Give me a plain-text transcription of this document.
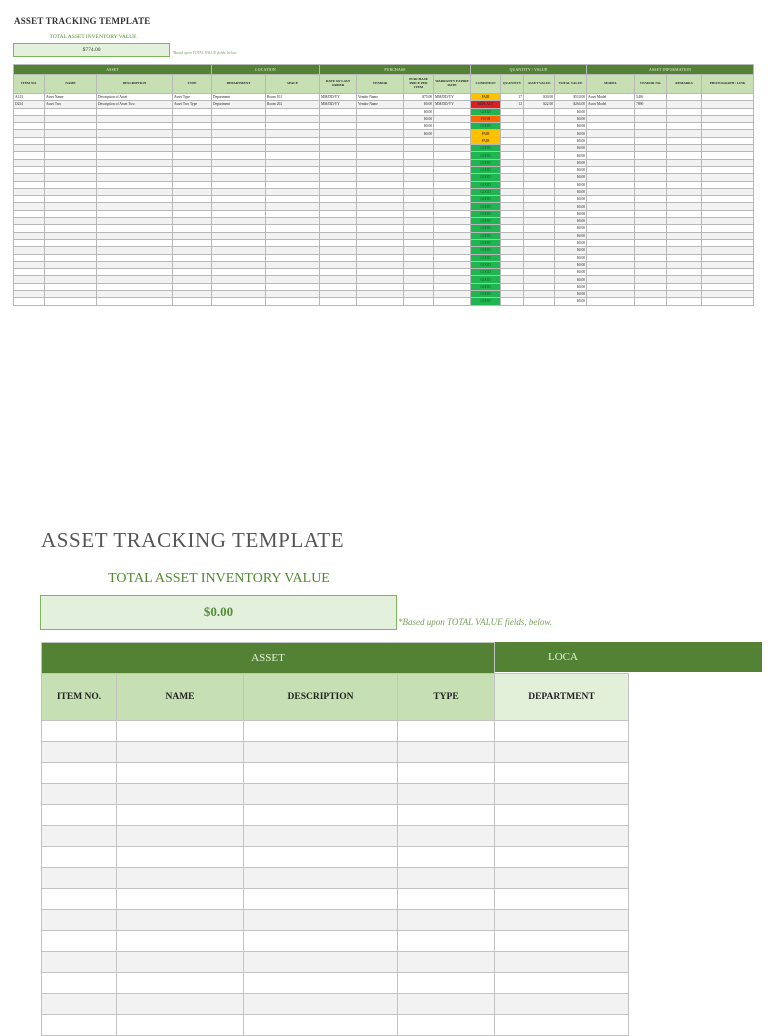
ASSET TRACKING TEMPLATE
TOTAL ASSET INVENTORY VALUE
$774.00	*Based upon TOTAL VALUE fields, below.
ASSET				LOCATION		PURCHASE				QUANTITY / VALUE				ASSET INFORMATION			
ITEM NO.	NAME	DESCRIPTION	TYPE	DEPARTMENT	SPACE	DATE OF LAST ORDER	VENDOR	PURCHASE PRICE PER ITEM	WARRANTY EXPIRE DATE	CONDITION	QUANTITY	ASSET VALUE	TOTAL VALUE	MODEL	VENDOR NO.	REMARKS	PHOTOGRAPH / LINK
A123	Asset Name	Description of Asset	Asset Type	Department	Room 101	MM/DD/YY	Vendor Name	$75.00	MM/DD/YY	FAIR	17	$30.00	$510.00	Asset Model	5436		
D234	Asset Two	Description of Asset Two	Asset Two Type	Department	Room 202	MM/DD/YY	Vendor Name	$0.00	MM/DD/YY	REPLACE	12	$22.00	$264.00	Asset Model	7890		
								$0.00		GOOD			$0.00				
								$0.00		POOR			$0.00				
								$0.00		GOOD			$0.00				
								$0.00		FAIR			$0.00				
										FAIR			$0.00				
										GOOD			$0.00				
										GOOD			$0.00				
										GOOD			$0.00				
										GOOD			$0.00				
										GOOD			$0.00				
										GOOD			$0.00				
										GOOD			$0.00				
										GOOD			$0.00				
										GOOD			$0.00				
										GOOD			$0.00				
										GOOD			$0.00				
										GOOD			$0.00				
										GOOD			$0.00				
										GOOD			$0.00				
										GOOD			$0.00				
										GOOD			$0.00				
										GOOD			$0.00				
										GOOD			$0.00				
										GOOD			$0.00				
										GOOD			$0.00				
										GOOD			$0.00				
										GOOD			$0.00				
ASSET TRACKING TEMPLATE
TOTAL ASSET INVENTORY VALUE
$0.00
*Based upon TOTAL VALUE fields, below.
LOCA
ASSET				
ITEM NO.	NAME	DESCRIPTION	TYPE	DEPARTMENT
